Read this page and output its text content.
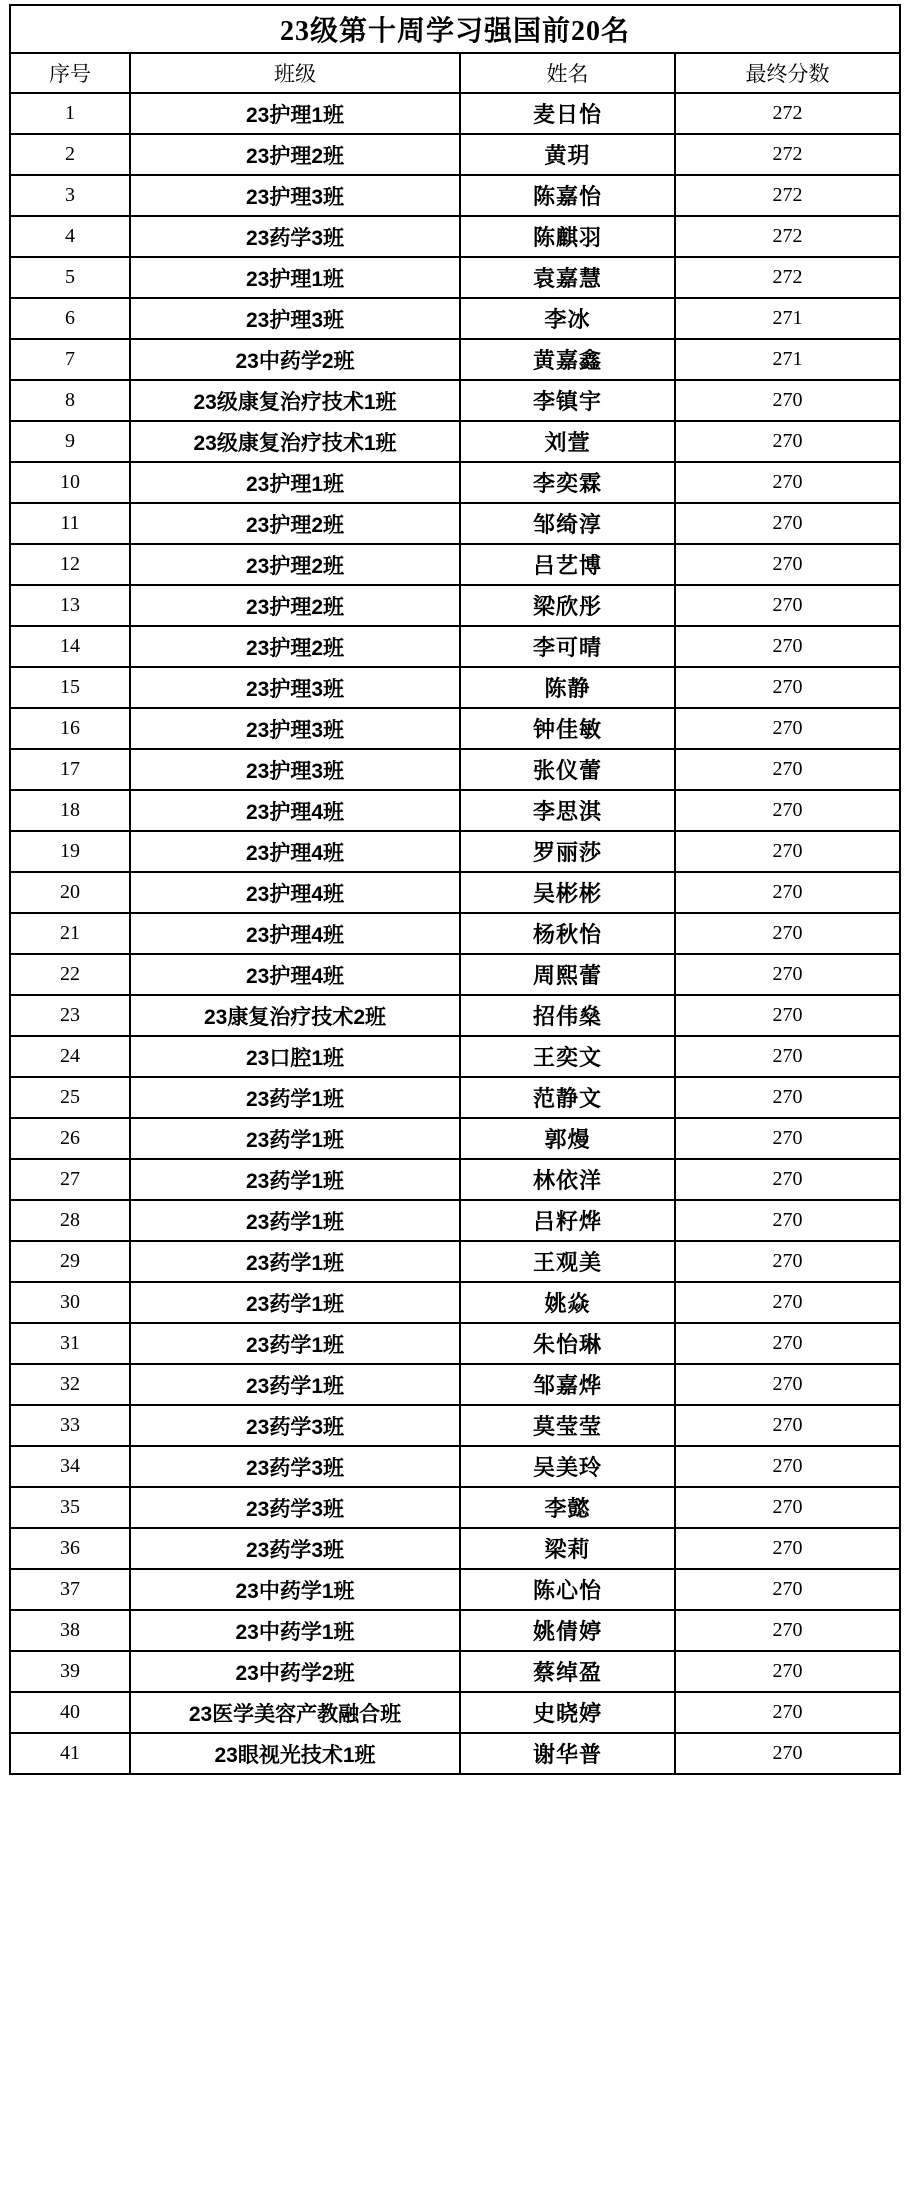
23级第十周学习强国前20名			
序号	班级	姓名	最终分数
1	23护理1班	麦日怡	272
2	23护理2班	黄玥	272
3	23护理3班	陈嘉怡	272
4	23药学3班	陈麒羽	272
5	23护理1班	袁嘉慧	272
6	23护理3班	李冰	271
7	23中药学2班	黄嘉鑫	271
8	23级康复治疗技术1班	李镇宇	270
9	23级康复治疗技术1班	刘萱	270
10	23护理1班	李奕霖	270
11	23护理2班	邹绮淳	270
12	23护理2班	吕艺博	270
13	23护理2班	梁欣彤	270
14	23护理2班	李可晴	270
15	23护理3班	陈静	270
16	23护理3班	钟佳敏	270
17	23护理3班	张仪蕾	270
18	23护理4班	李思淇	270
19	23护理4班	罗丽莎	270
20	23护理4班	吴彬彬	270
21	23护理4班	杨秋怡	270
22	23护理4班	周熙蕾	270
23	23康复治疗技术2班	招伟燊	270
24	23口腔1班	王奕文	270
25	23药学1班	范静文	270
26	23药学1班	郭熳	270
27	23药学1班	林依洋	270
28	23药学1班	吕籽烨	270
29	23药学1班	王观美	270
30	23药学1班	姚焱	270
31	23药学1班	朱怡琳	270
32	23药学1班	邹嘉烨	270
33	23药学3班	莫莹莹	270
34	23药学3班	吴美玲	270
35	23药学3班	李懿	270
36	23药学3班	梁莉	270
37	23中药学1班	陈心怡	270
38	23中药学1班	姚倩婷	270
39	23中药学2班	蔡绰盈	270
40	23医学美容产教融合班	史晓婷	270
41	23眼视光技术1班	谢华普	270
